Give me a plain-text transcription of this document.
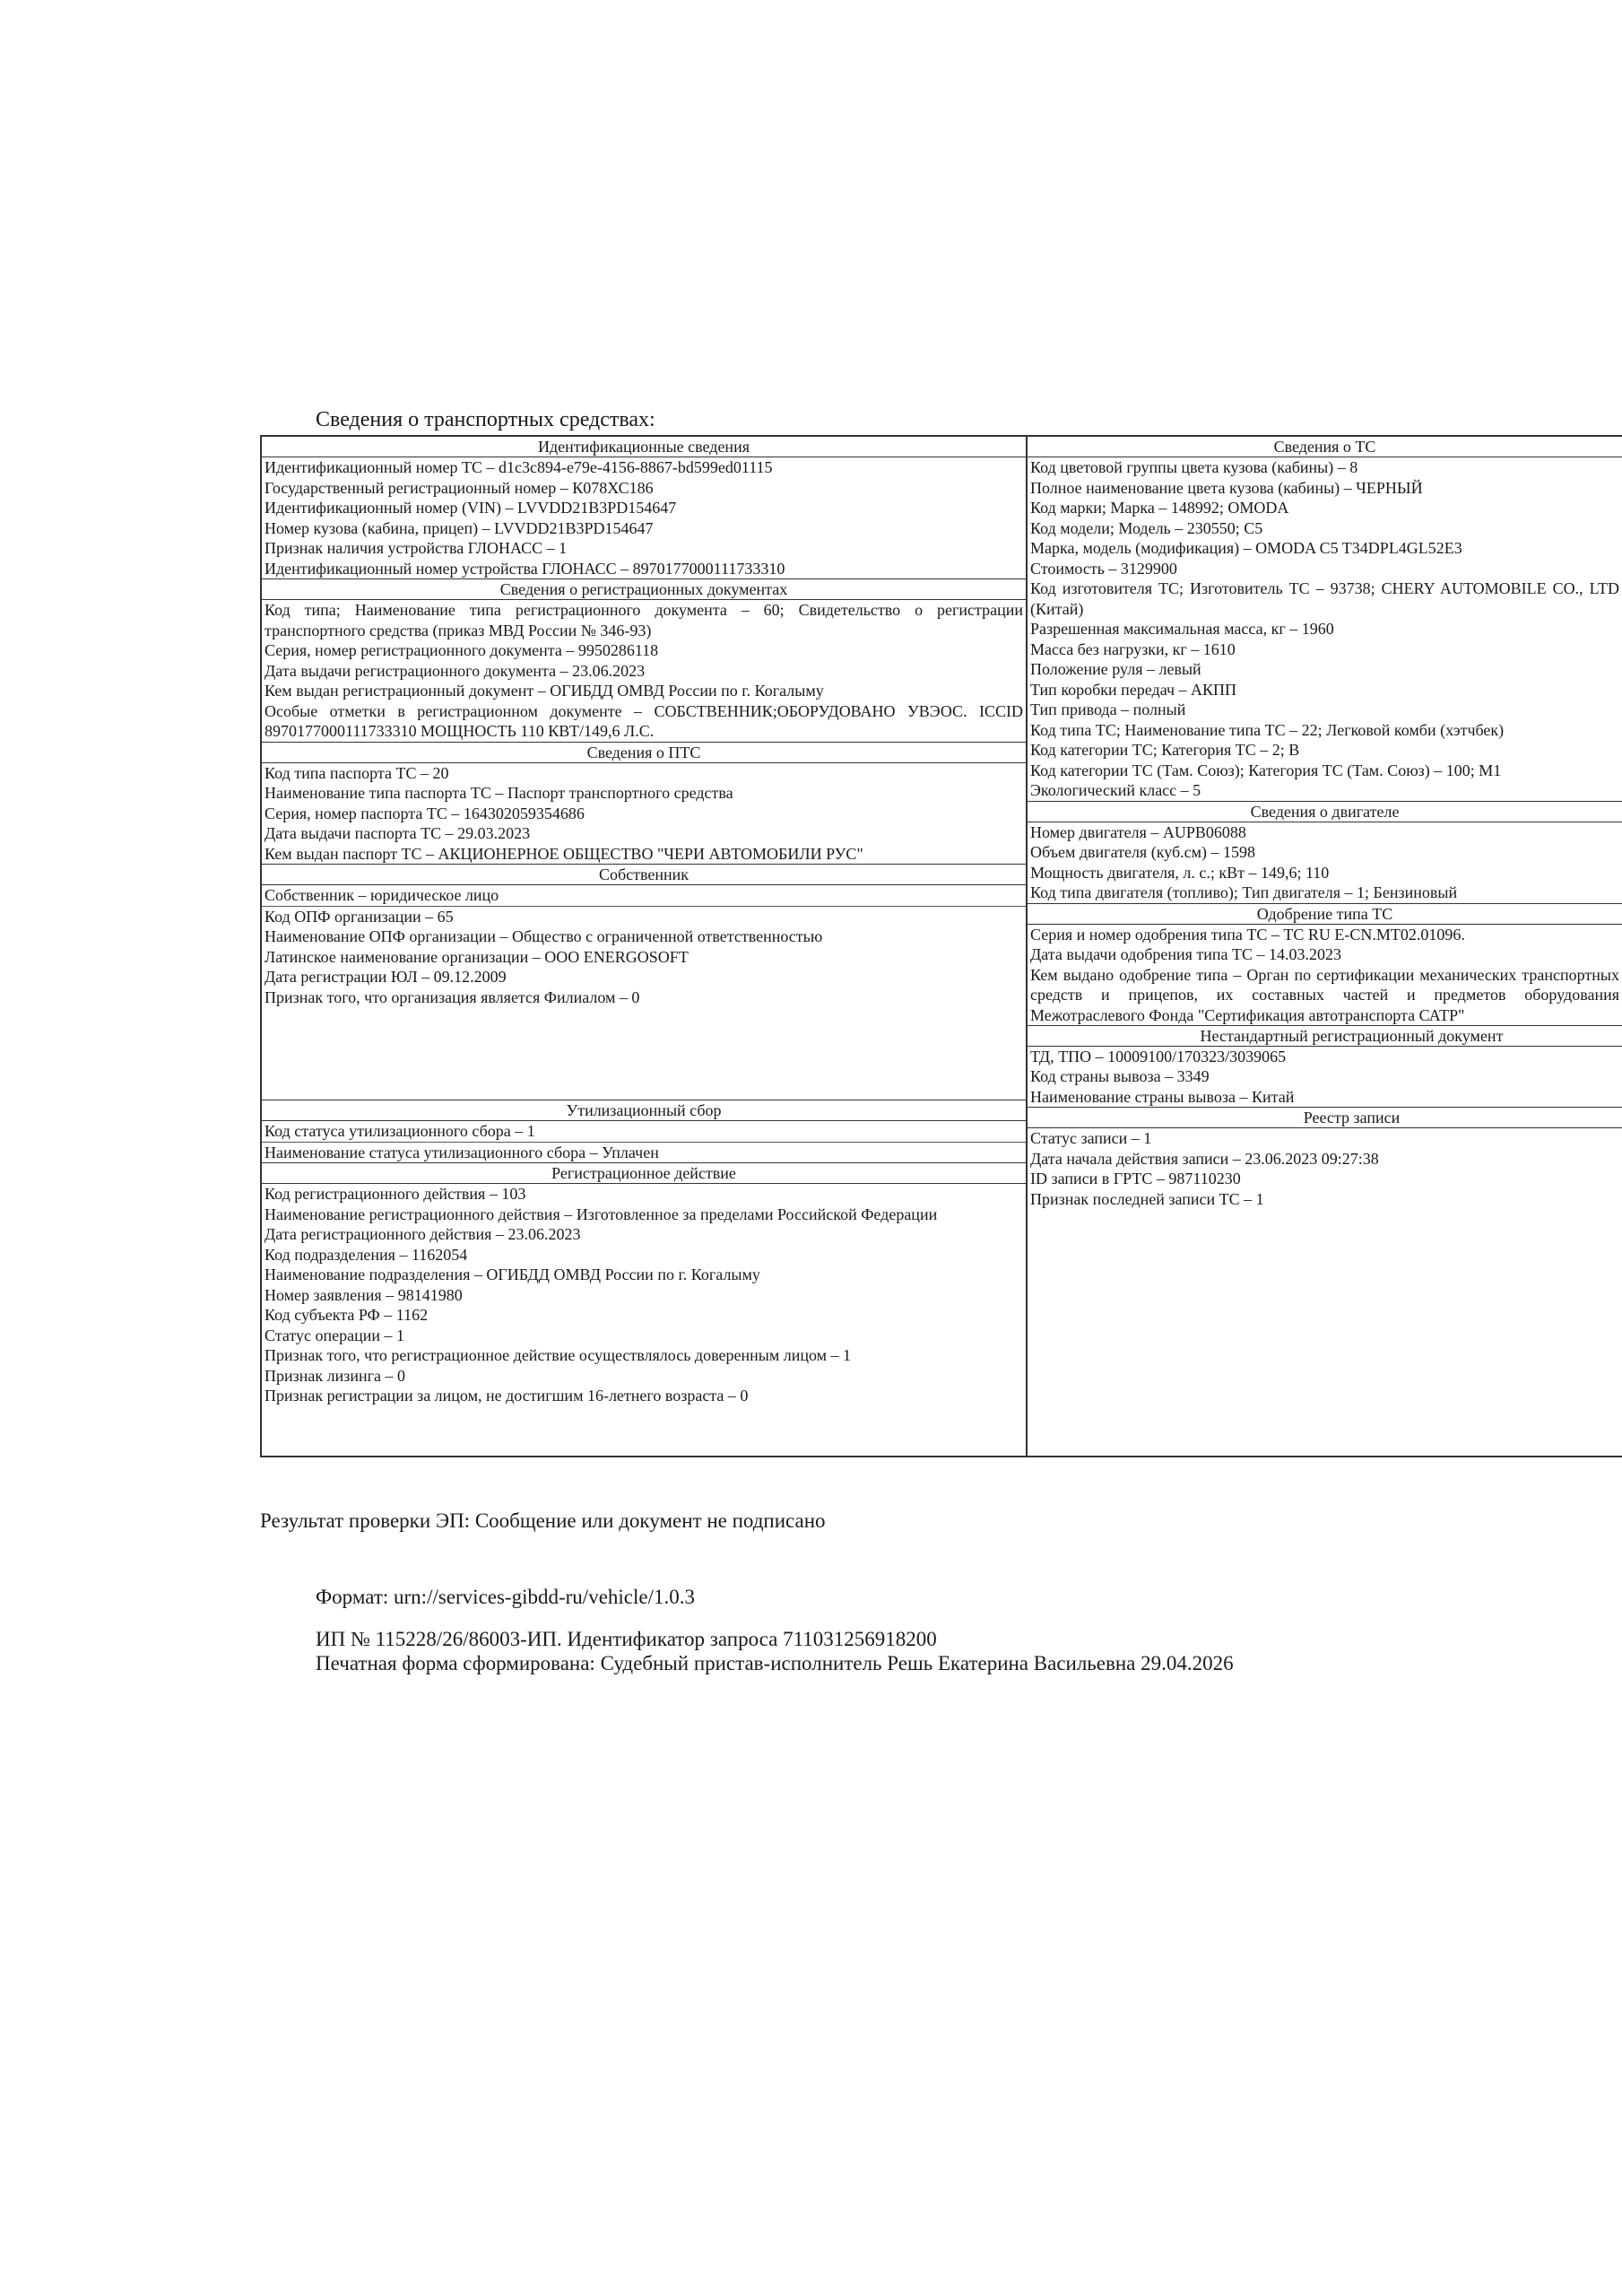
Сведения о транспортных средствах:
Идентификационные сведения
Идентификационный номер ТС – d1c3c894-e79e-4156-8867-bd599ed01115
Государственный регистрационный номер – К078ХС186
Идентификационный номер (VIN) – LVVDD21B3PD154647
Номер кузова (кабина, прицеп) – LVVDD21B3PD154647
Признак наличия устройства ГЛОНАСС – 1
Идентификационный номер устройства ГЛОНАСС – 8970177000111733310
Сведения о регистрационных документах
Код типа; Наименование типа регистрационного документа – 60; Свидетельство о регистрации транспортного средства (приказ МВД России № 346-93)
Серия, номер регистрационного документа – 9950286118
Дата выдачи регистрационного документа – 23.06.2023
Кем выдан регистрационный документ – ОГИБДД ОМВД России по г. Когалыму
Особые отметки в регистрационном документе – СОБСТВЕННИК;ОБОРУДОВАНО УВЭОС. ICCID 8970177000111733310 МОЩНОСТЬ 110 КВТ/149,6 Л.С.
Сведения о ПТС
Код типа паспорта ТС – 20
Наименование типа паспорта ТС – Паспорт транспортного средства
Серия, номер паспорта ТС – 164302059354686
Дата выдачи паспорта ТС – 29.03.2023
Кем выдан паспорт ТС – АКЦИОНЕРНОЕ ОБЩЕСТВО "ЧЕРИ АВТОМОБИЛИ РУС"
Собственник
Собственник – юридическое лицо
Код ОПФ организации – 65
Наименование ОПФ организации – Общество с ограниченной ответственностью
Латинское наименование организации – ООО ENERGOSOFT
Дата регистрации ЮЛ – 09.12.2009
Признак того, что организация является Филиалом – 0
Утилизационный сбор
Код статуса утилизационного сбора – 1
Наименование статуса утилизационного сбора – Уплачен
Регистрационное действие
Код регистрационного действия – 103
Наименование регистрационного действия – Изготовленное за пределами Российской Федерации
Дата регистрационного действия – 23.06.2023
Код подразделения – 1162054
Наименование подразделения – ОГИБДД ОМВД России по г. Когалыму
Номер заявления – 98141980
Код субъекта РФ – 1162
Статус операции – 1
Признак того, что регистрационное действие осуществлялось доверенным лицом – 1
Признак лизинга – 0
Признак регистрации за лицом, не достигшим 16-летнего возраста – 0
Сведения о ТС
Код цветовой группы цвета кузова (кабины) – 8
Полное наименование цвета кузова (кабины) – ЧЕРНЫЙ
Код марки; Марка – 148992; OMODA
Код модели; Модель – 230550; C5
Марка, модель (модификация) – OMODA C5 T34DPL4GL52E3
Стоимость – 3129900
Код изготовителя ТС; Изготовитель ТС – 93738; CHERY AUTOMOBILE CO., LTD (Китай)
Разрешенная максимальная масса, кг – 1960
Масса без нагрузки, кг – 1610
Положение руля – левый
Тип коробки передач – АКПП
Тип привода – полный
Код типа ТС; Наименование типа ТС – 22; Легковой комби (хэтчбек)
Код категории ТС; Категория ТС – 2; В
Код категории ТС (Там. Союз); Категория ТС (Там. Союз) – 100; M1
Экологический класс – 5
Сведения о двигателе
Номер двигателя – AUPB06088
Объем двигателя (куб.см) – 1598
Мощность двигателя, л. с.; кВт – 149,6; 110
Код типа двигателя (топливо); Тип двигателя – 1; Бензиновый
Одобрение типа ТС
Серия и номер одобрения типа ТС – ТС RU E-CN.MT02.01096.
Дата выдачи одобрения типа ТС – 14.03.2023
Кем выдано одобрение типа – Орган по сертификации механических транспортных средств и прицепов, их составных частей и предметов оборудования Межотраслевого Фонда "Сертификация автотранспорта САТР"
Нестандартный регистрационный документ
ТД, ТПО – 10009100/170323/3039065
Код страны вывоза – 3349
Наименование страны вывоза – Китай
Реестр записи
Статус записи – 1
Дата начала действия записи – 23.06.2023 09:27:38
ID записи в ГРТС – 987110230
Признак последней записи ТС – 1
Результат проверки ЭП: Сообщение или документ не подписано
Формат: urn://services-gibdd-ru/vehicle/1.0.3
ИП № 115228/26/86003-ИП. Идентификатор запроса 711031256918200
Печатная форма сформирована: Судебный пристав-исполнитель Решь Екатерина Васильевна 29.04.2026
